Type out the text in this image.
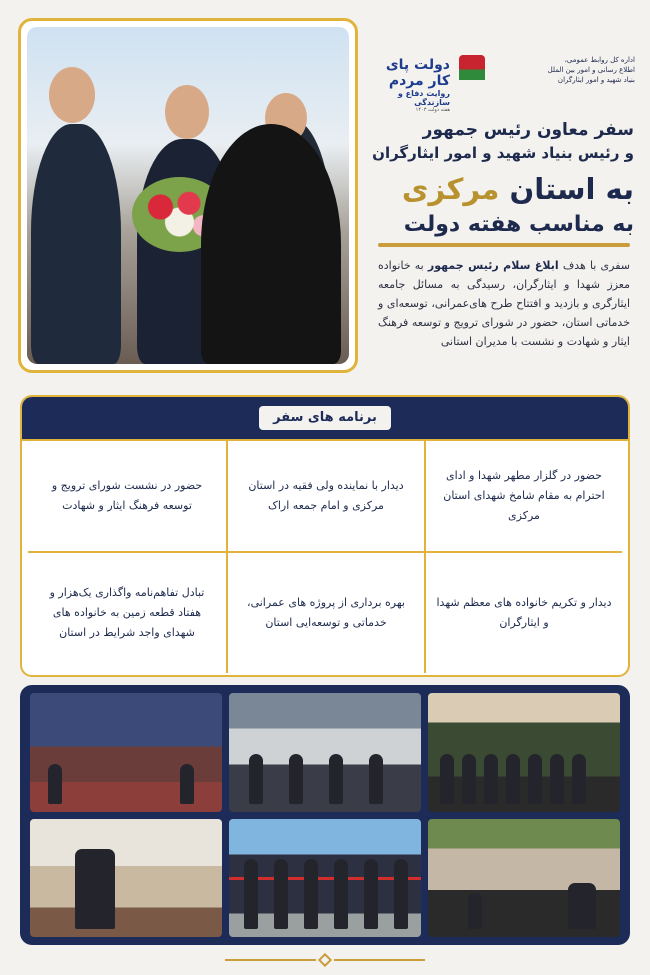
اداره کل روابط عمومی،
اطلاع رسانی و امور بین الملل
بنیاد شهید و امور ایثارگران
دولت پای کار مردم
روایت دفاع و سازندگی
هفته دولت ۱۴۰۳
سفر معاون رئیس جمهور
و رئیس بنیاد شهید و امور ایثارگران
به استان مرکزی
به مناسب هفته دولت
سفری با هدف ابلاغ سلام رئیس جمهور به خانواده معزز شهدا و ایثارگران، رسیدگی به مسائل جامعه ایثارگری و بازدید و افتتاح طرح های‌عمرانی، توسعه‌ای و خدماتی استان، حضور در شورای ترویج و توسعه فرهنگ ایثار و شهادت و نشست با مدیران استانی
برنامه های سفر
حضور در گلزار مطهر شهدا و ادای احترام به مقام شامخ شهدای استان مرکزی
دیدار با نماینده ولی فقیه در استان مرکزی و امام جمعه اراک
حضور در نشست شورای ترویج و توسعه فرهنگ ایثار و شهادت
دیدار و تکریم خانواده های معظم شهدا و ایثارگران
بهره برداری از پروژه های عمرانی، خدماتی و توسعه‌ایی استان
تبادل تفاهم‌نامه واگذاری یک‌هزار و هفتاد قطعه زمین به خانواده های شهدای واجد شرایط در استان
